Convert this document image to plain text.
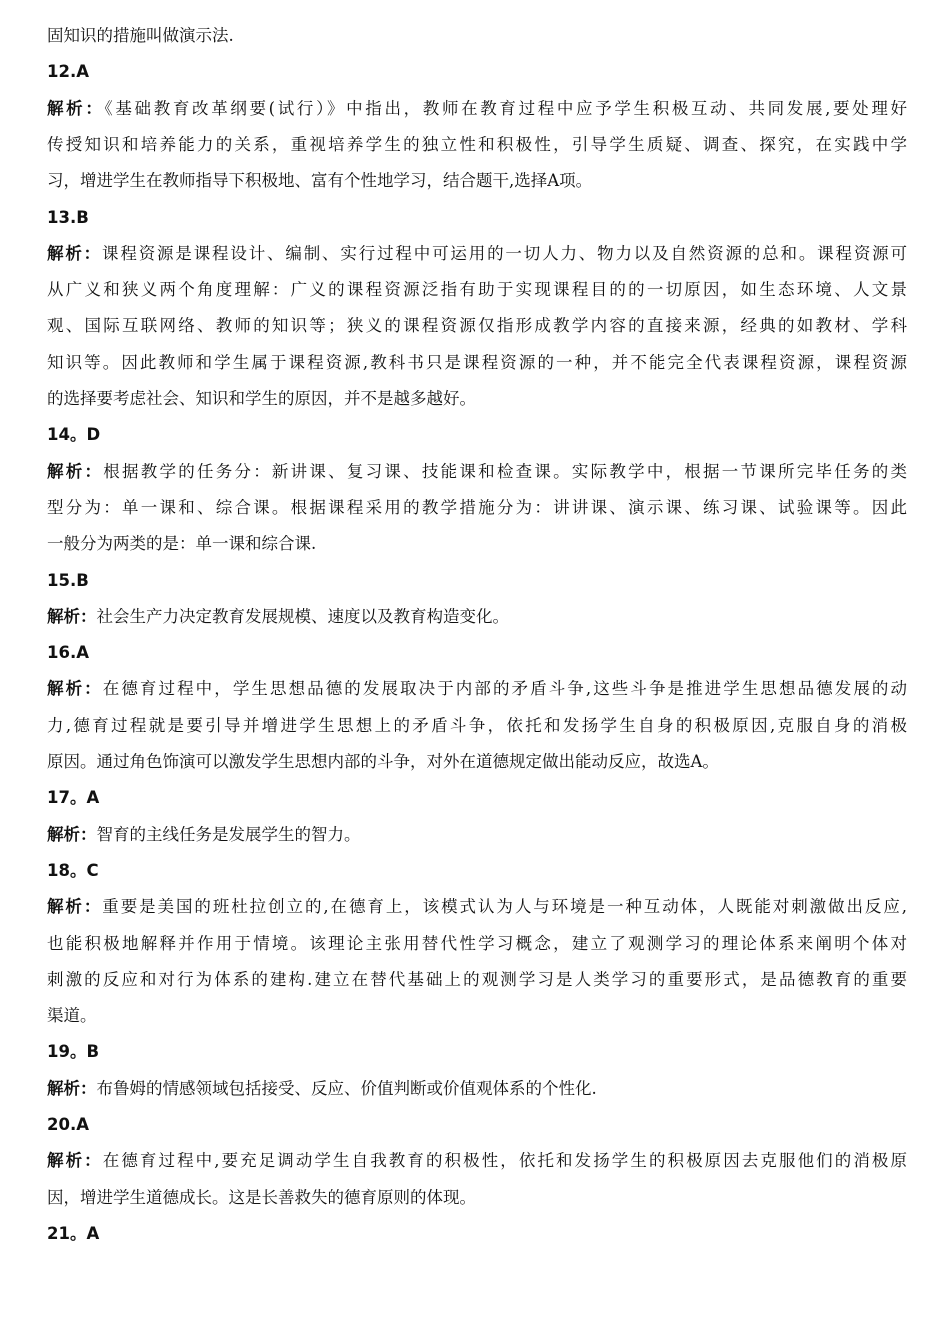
固知识的措施叫做演示法.
12.A
解析：《基础教育改革纲要(试行）》中指出，教师在教育过程中应予学生积极互动、共同发展,要处理好
传授知识和培养能力的关系，重视培养学生的独立性和积极性，引导学生质疑、调查、探究，在实践中学
习，增进学生在教师指导下积极地、富有个性地学习，结合题干,选择A项。
13.B
解析：课程资源是课程设计、编制、实行过程中可运用的一切人力、物力以及自然资源的总和。课程资源可
从广义和狭义两个角度理解：广义的课程资源泛指有助于实现课程目的的一切原因，如生态环境、人文景
观、国际互联网络、教师的知识等；狭义的课程资源仅指形成教学内容的直接来源，经典的如教材、学科
知识等。因此教师和学生属于课程资源,教科书只是课程资源的一种，并不能完全代表课程资源，课程资源
的选择要考虑社会、知识和学生的原因，并不是越多越好。
14。D
解析：根据教学的任务分：新讲课、复习课、技能课和检查课。实际教学中，根据一节课所完毕任务的类
型分为：单一课和、综合课。根据课程采用的教学措施分为：讲讲课、演示课、练习课、试验课等。因此
一般分为两类的是：单一课和综合课.
15.B
解析：社会生产力决定教育发展规模、速度以及教育构造变化。
16.A
解析：在德育过程中，学生思想品德的发展取决于内部的矛盾斗争,这些斗争是推进学生思想品德发展的动
力,德育过程就是要引导并增进学生思想上的矛盾斗争，依托和发扬学生自身的积极原因,克服自身的消极
原因。通过角色饰演可以激发学生思想内部的斗争，对外在道德规定做出能动反应，故选A。
17。A
解析：智育的主线任务是发展学生的智力。
18。C
解析：重要是美国的班杜拉创立的,在德育上，该模式认为人与环境是一种互动体，人既能对刺激做出反应,
也能积极地解释并作用于情境。该理论主张用替代性学习概念，建立了观测学习的理论体系来阐明个体对
刺激的反应和对行为体系的建构.建立在替代基础上的观测学习是人类学习的重要形式，是品德教育的重要
渠道。
19。B
解析：布鲁姆的情感领域包括接受、反应、价值判断或价值观体系的个性化.
20.A
解析：在德育过程中,要充足调动学生自我教育的积极性，依托和发扬学生的积极原因去克服他们的消极原
因，增进学生道德成长。这是长善救失的德育原则的体现。
21。A
